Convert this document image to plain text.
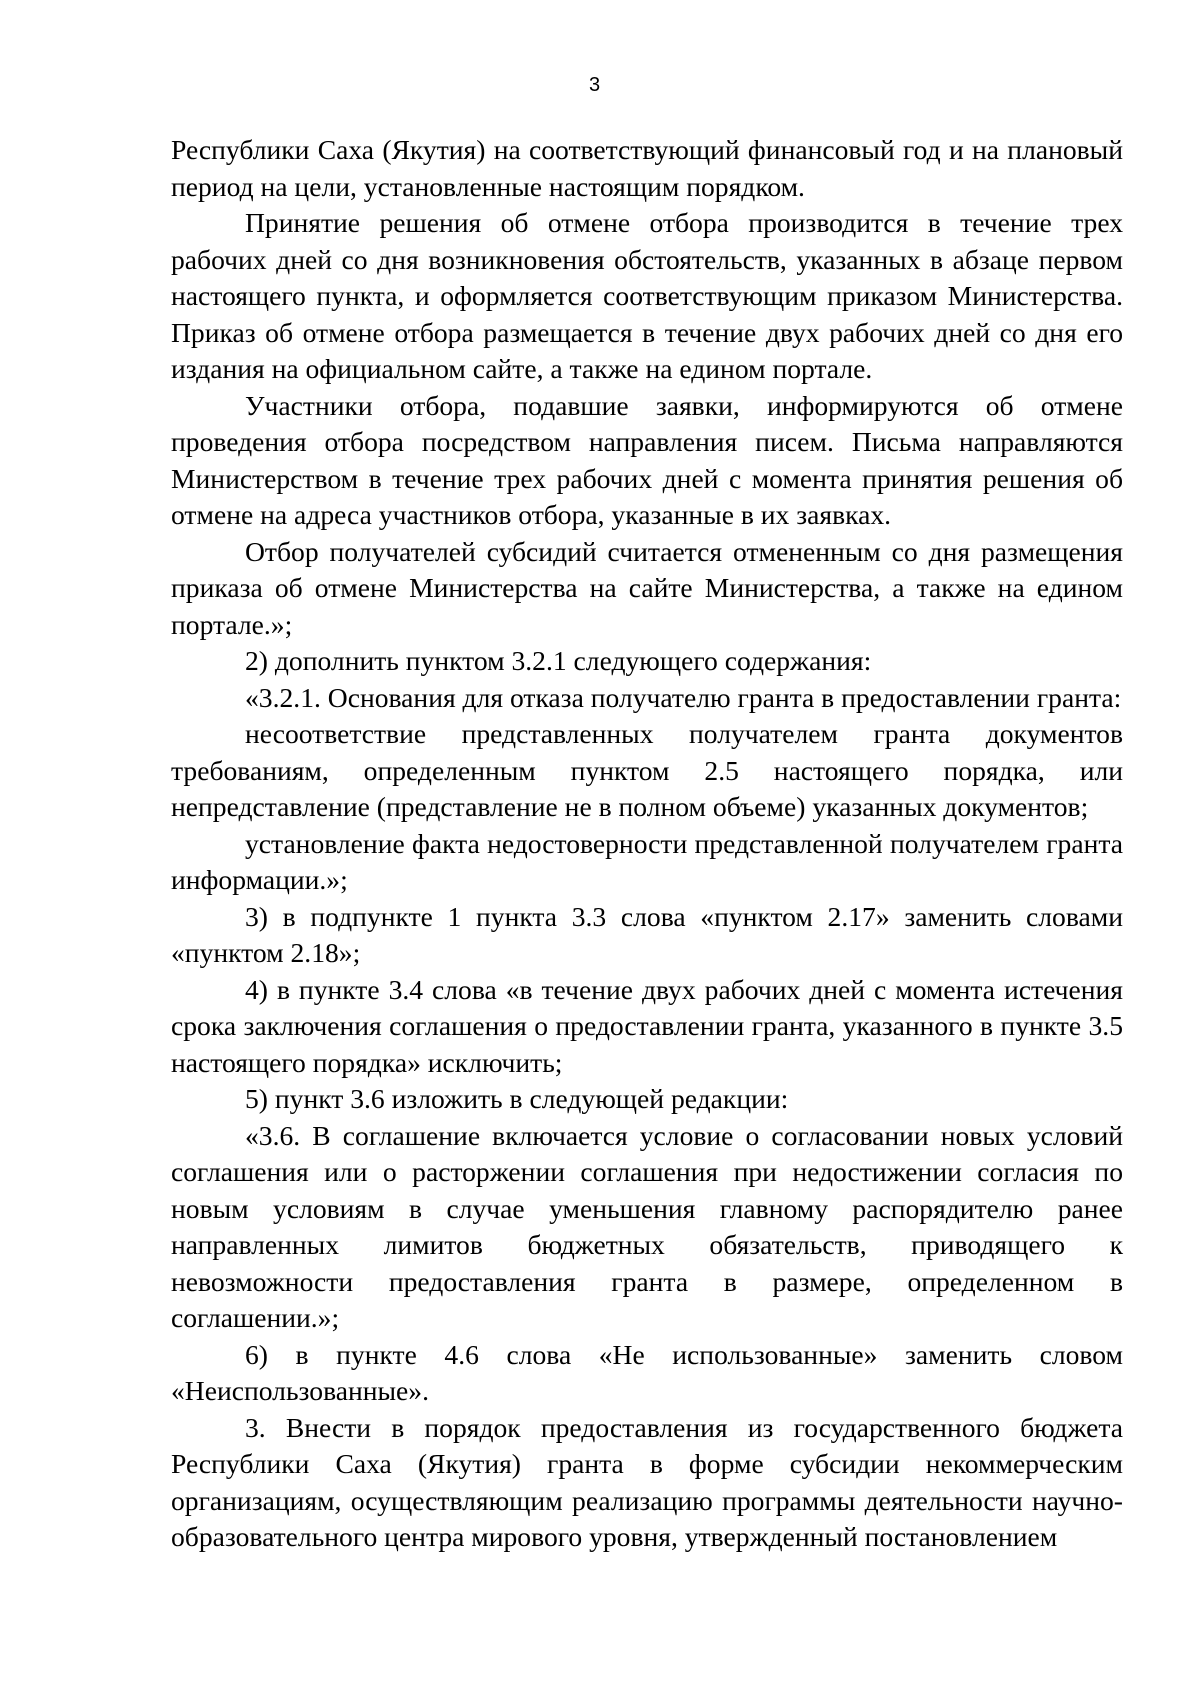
3

Республики Саха (Якутия) на соответствующий финансовый год и на плановый период на цели, установленные настоящим порядком.

Принятие решения об отмене отбора производится в течение трех рабочих дней со дня возникновения обстоятельств, указанных в абзаце первом настоящего пункта, и оформляется соответствующим приказом Министерства. Приказ об отмене отбора размещается в течение двух рабочих дней со дня его издания на официальном сайте, а также на едином портале.

Участники отбора, подавшие заявки, информируются об отмене проведения отбора посредством направления писем. Письма направляются Министерством в течение трех рабочих дней с момента принятия решения об отмене на адреса участников отбора, указанные в их заявках.

Отбор получателей субсидий считается отмененным со дня размещения приказа об отмене Министерства на сайте Министерства, а также на едином портале.»;

2) дополнить пунктом 3.2.1 следующего содержания:

«3.2.1. Основания для отказа получателю гранта в предоставлении гранта:

несоответствие представленных получателем гранта документов требованиям, определенным пунктом 2.5 настоящего порядка, или непредставление (представление не в полном объеме) указанных документов;

установление факта недостоверности представленной получателем гранта информации.»;

3) в подпункте 1 пункта 3.3 слова «пунктом 2.17» заменить словами «пунктом 2.18»;

4) в пункте 3.4 слова «в течение двух рабочих дней с момента истечения срока заключения соглашения о предоставлении гранта, указанного в пункте 3.5 настоящего порядка» исключить;

5) пункт 3.6 изложить в следующей редакции:

«3.6. В соглашение включается условие о согласовании новых условий соглашения или о расторжении соглашения при недостижении согласия по новым условиям в случае уменьшения главному распорядителю ранее направленных лимитов бюджетных обязательств, приводящего к невозможности предоставления гранта в размере, определенном в соглашении.»;

6) в пункте 4.6 слова «Не использованные» заменить словом «Неиспользованные».

3. Внести в порядок предоставления из государственного бюджета Республики Саха (Якутия) гранта в форме субсидии некоммерческим организациям, осуществляющим реализацию программы деятельности научно-образовательного центра мирового уровня, утвержденный постановлением
